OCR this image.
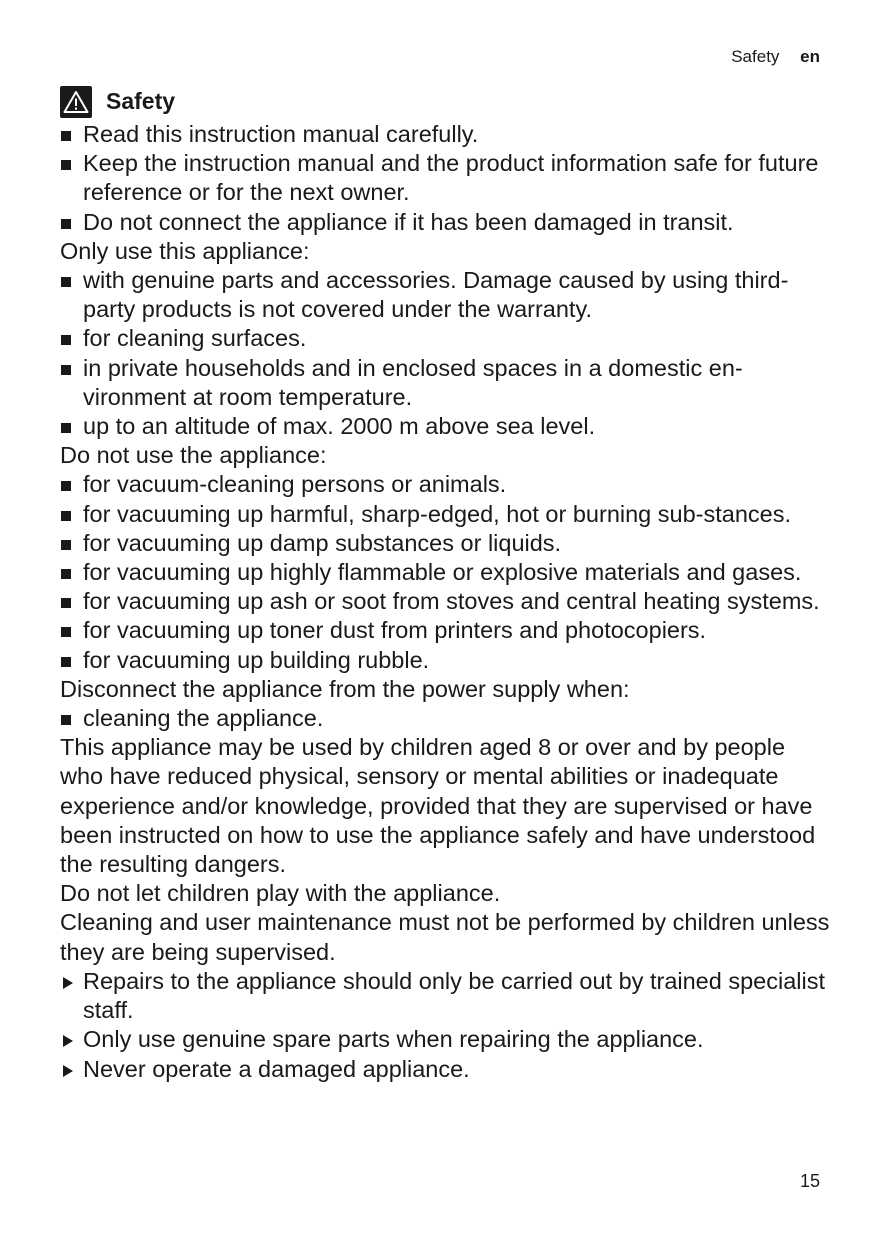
Safety en
Safety
Read this instruction manual carefully.
Keep the instruction manual and the product information safe for future reference or for the next owner.
Do not connect the appliance if it has been damaged in transit.
Only use this appliance:
with genuine parts and accessories. Damage caused by using third-party products is not covered under the warranty.
for cleaning surfaces.
in private households and in enclosed spaces in a domestic en-vironment at room temperature.
up to an altitude of max. 2000 m above sea level.
Do not use the appliance:
for vacuum-cleaning persons or animals.
for vacuuming up harmful, sharp-edged, hot or burning sub-stances.
for vacuuming up damp substances or liquids.
for vacuuming up highly flammable or explosive materials and gases.
for vacuuming up ash or soot from stoves and central heating systems.
for vacuuming up toner dust from printers and photocopiers.
for vacuuming up building rubble.
Disconnect the appliance from the power supply when:
cleaning the appliance.
This appliance may be used by children aged 8 or over and by people who have reduced physical, sensory or mental abilities or inadequate experience and/or knowledge, provided that they are supervised or have been instructed on how to use the appliance safely and have understood the resulting dangers.
Do not let children play with the appliance.
Cleaning and user maintenance must not be performed by children unless they are being supervised.
Repairs to the appliance should only be carried out by trained specialist staff.
Only use genuine spare parts when repairing the appliance.
Never operate a damaged appliance.
15
